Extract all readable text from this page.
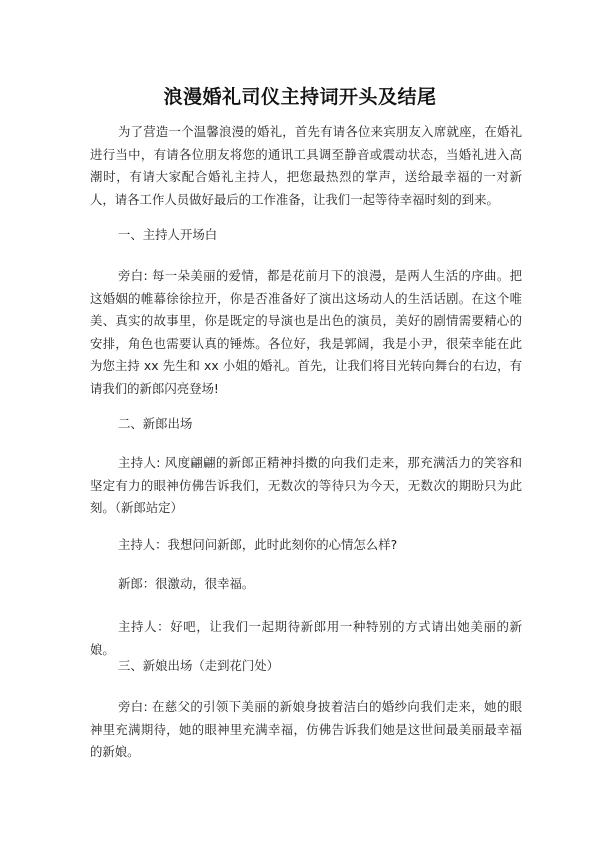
浪漫婚礼司仪主持词开头及结尾

为了营造一个温馨浪漫的婚礼，首先有请各位来宾朋友入席就座，在婚礼进行当中，有请各位朋友将您的通讯工具调至静音或震动状态，当婚礼进入高潮时，有请大家配合婚礼主持人，把您最热烈的掌声，送给最幸福的一对新人，请各工作人员做好最后的工作准备，让我们一起等待幸福时刻的到来。

一、主持人开场白

旁白: 每一朵美丽的爱情，都是花前月下的浪漫，是两人生活的序曲。把这婚姻的帷幕徐徐拉开，你是否准备好了演出这场动人的生活话剧。在这个唯美、真实的故事里，你是既定的导演也是出色的演员，美好的剧情需要精心的安排，角色也需要认真的锤炼。各位好，我是郭阔，我是小尹，很荣幸能在此为您主持 xx 先生和 xx 小姐的婚礼。首先，让我们将目光转向舞台的右边，有请我们的新郎闪亮登场!

二、新郎出场

主持人: 风度翩翩的新郎正精神抖擞的向我们走来，那充满活力的笑容和坚定有力的眼神仿佛告诉我们，无数次的等待只为今天，无数次的期盼只为此刻。（新郎站定）

主持人：我想问问新郎，此时此刻你的心情怎么样?

新郎：很激动，很幸福。

主持人：好吧，让我们一起期待新郎用一种特别的方式请出她美丽的新娘。

三、新娘出场（走到花门处）

旁白: 在慈父的引领下美丽的新娘身披着洁白的婚纱向我们走来，她的眼神里充满期待，她的眼神里充满幸福，仿佛告诉我们她是这世间最美丽最幸福的新娘。
